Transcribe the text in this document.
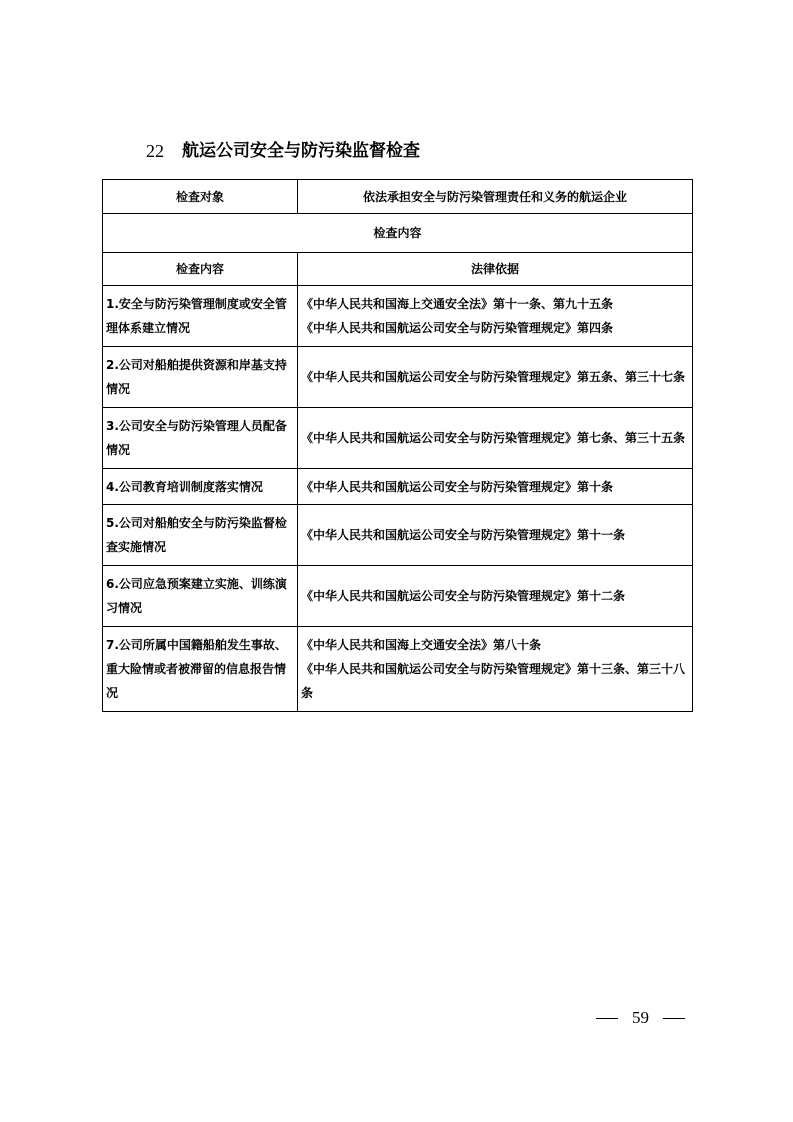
22 航运公司安全与防污染监督检查
检查对象	依法承担安全与防污染管理责任和义务的航运企业
检查内容	
检查内容	法律依据
1.安全与防污染管理制度或安全管理体系建立情况	《中华人民共和国海上交通安全法》第十一条、第九十五条
《中华人民共和国航运公司安全与防污染管理规定》第四条

2.公司对船舶提供资源和岸基支持情况	《中华人民共和国航运公司安全与防污染管理规定》第五条、第三十七条

3.公司安全与防污染管理人员配备情况	《中华人民共和国航运公司安全与防污染管理规定》第七条、第三十五条

4.公司教育培训制度落实情况	《中华人民共和国航运公司安全与防污染管理规定》第十条

5.公司对船舶安全与防污染监督检查实施情况	《中华人民共和国航运公司安全与防污染管理规定》第十一条

6.公司应急预案建立实施、训练演习情况	《中华人民共和国航运公司安全与防污染管理规定》第十二条

7.公司所属中国籍船舶发生事故、重大险情或者被滞留的信息报告情况	《中华人民共和国海上交通安全法》第八十条
《中华人民共和国航运公司安全与防污染管理规定》第十三条、第三十八条
59
